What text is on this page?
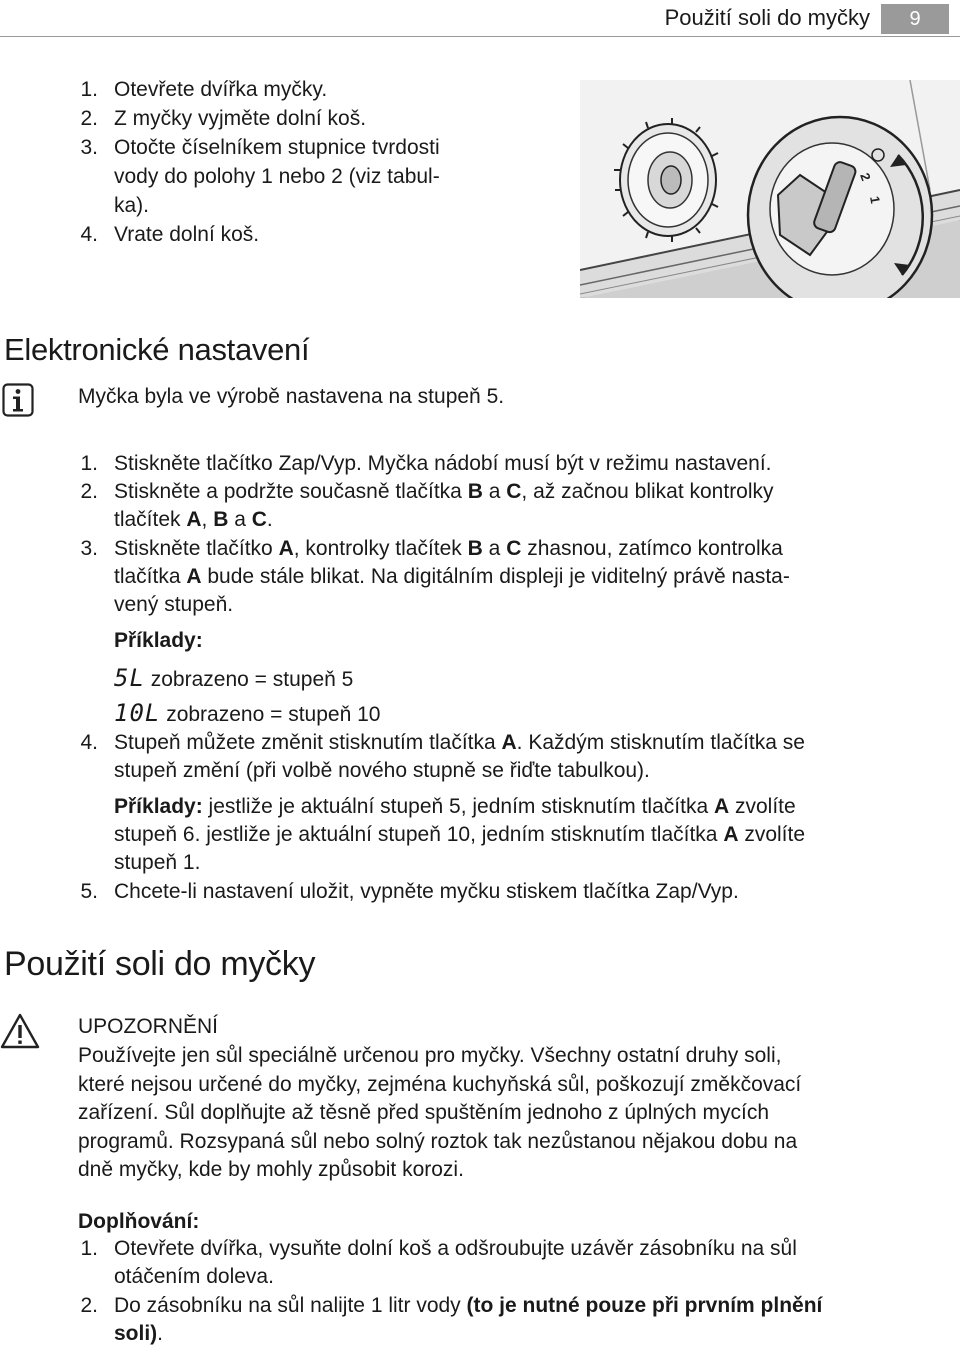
Použití soli do myčky	9
1. Otevřete dvířka myčky.
2. Z myčky vyjměte dolní koš.
3. Otočte číselníkem stupnice tvrdosti
vody do polohy 1 nebo 2 (viz tabul-
ka).
4. Vrate dolní koš.
2
1
Elektronické nastavení
Myčka byla ve výrobě nastavena na stupeň 5.
1. Stiskněte tlačítko Zap/Vyp. Myčka nádobí musí být v režimu nastavení.
2. Stiskněte a podržte současně tlačítka B a C, až začnou blikat kontrolky
tlačítek A, B a C.
3. Stiskněte tlačítko A, kontrolky tlačítek B a C zhasnou, zatímco kontrolka
tlačítka A bude stále blikat. Na digitálním displeji je viditelný právě nasta-
vený stupeň.
Příklady:
5L zobrazeno = stupeň 5
10L zobrazeno = stupeň 10
4. Stupeň můžete změnit stisknutím tlačítka A. Každým stisknutím tlačítka se
stupeň změní (při volbě nového stupně se řiďte tabulkou).
Příklady: jestliže je aktuální stupeň 5, jedním stisknutím tlačítka A zvolíte
stupeň 6. jestliže je aktuální stupeň 10, jedním stisknutím tlačítka A zvolíte
stupeň 1.
5. Chcete-li nastavení uložit, vypněte myčku stiskem tlačítka Zap/Vyp.
Použití soli do myčky
UPOZORNĚNÍ
Používejte jen sůl speciálně určenou pro myčky. Všechny ostatní druhy soli,
které nejsou určené do myčky, zejména kuchyňská sůl, poškozují změkčovací
zařízení. Sůl doplňujte až těsně před spuštěním jednoho z úplných mycích
programů. Rozsypaná sůl nebo solný roztok tak nezůstanou nějakou dobu na
dně myčky, kde by mohly způsobit korozi.
Doplňování:
1. Otevřete dvířka, vysuňte dolní koš a odšroubujte uzávěr zásobníku na sůl
otáčením doleva.
2. Do zásobníku na sůl nalijte 1 litr vody (to je nutné pouze při prvním plnění
soli).
